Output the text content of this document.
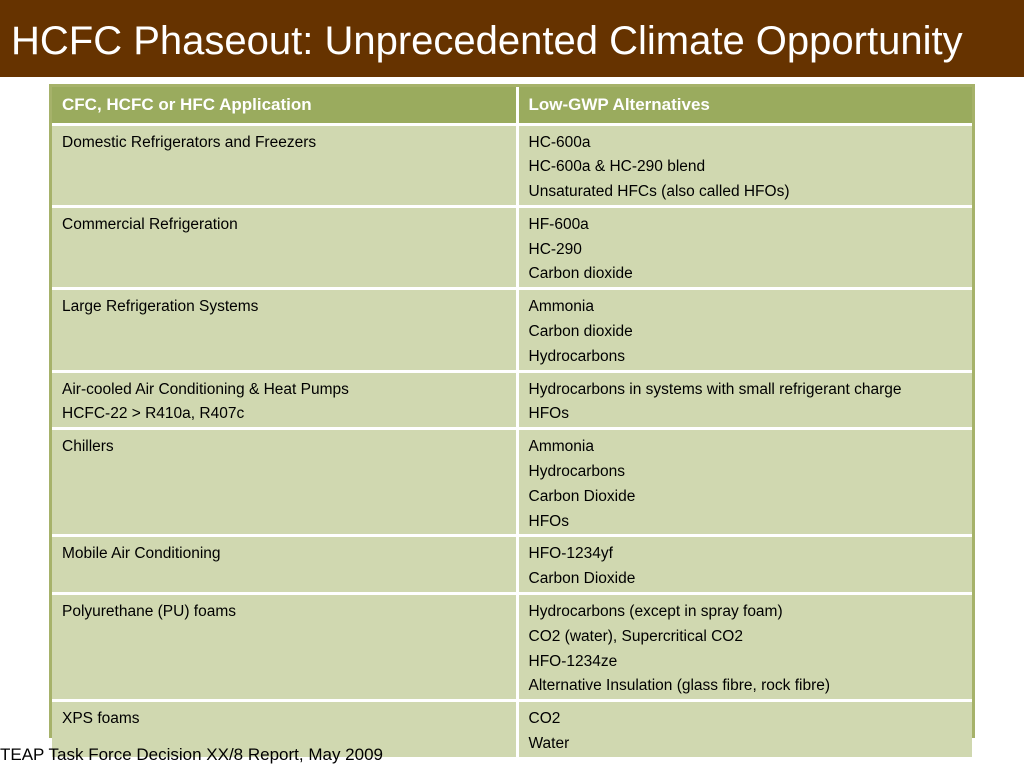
HCFC Phaseout: Unprecedented Climate Opportunity
CFC, HCFC or HFC Application	Low-GWP Alternatives

Domestic Refrigerators and Freezers	HC-600a
HC-600a & HC-290 blend
Unsaturated HFCs (also called HFOs)

Commercial Refrigeration	HF-600a
HC-290
Carbon dioxide

Large Refrigeration Systems	Ammonia
Carbon dioxide
Hydrocarbons

Air-cooled Air Conditioning & Heat Pumps
HCFC-22 > R410a, R407c	Hydrocarbons in systems with small refrigerant charge
HFOs

Chillers	Ammonia
Hydrocarbons
Carbon Dioxide
HFOs

Mobile Air Conditioning	HFO-1234yf
Carbon Dioxide

Polyurethane (PU) foams	Hydrocarbons (except in spray foam)
CO2 (water), Supercritical CO2
HFO-1234ze
Alternative Insulation (glass fibre, rock fibre)

XPS foams	CO2
Water
TEAP Task Force Decision XX/8 Report, May 2009
